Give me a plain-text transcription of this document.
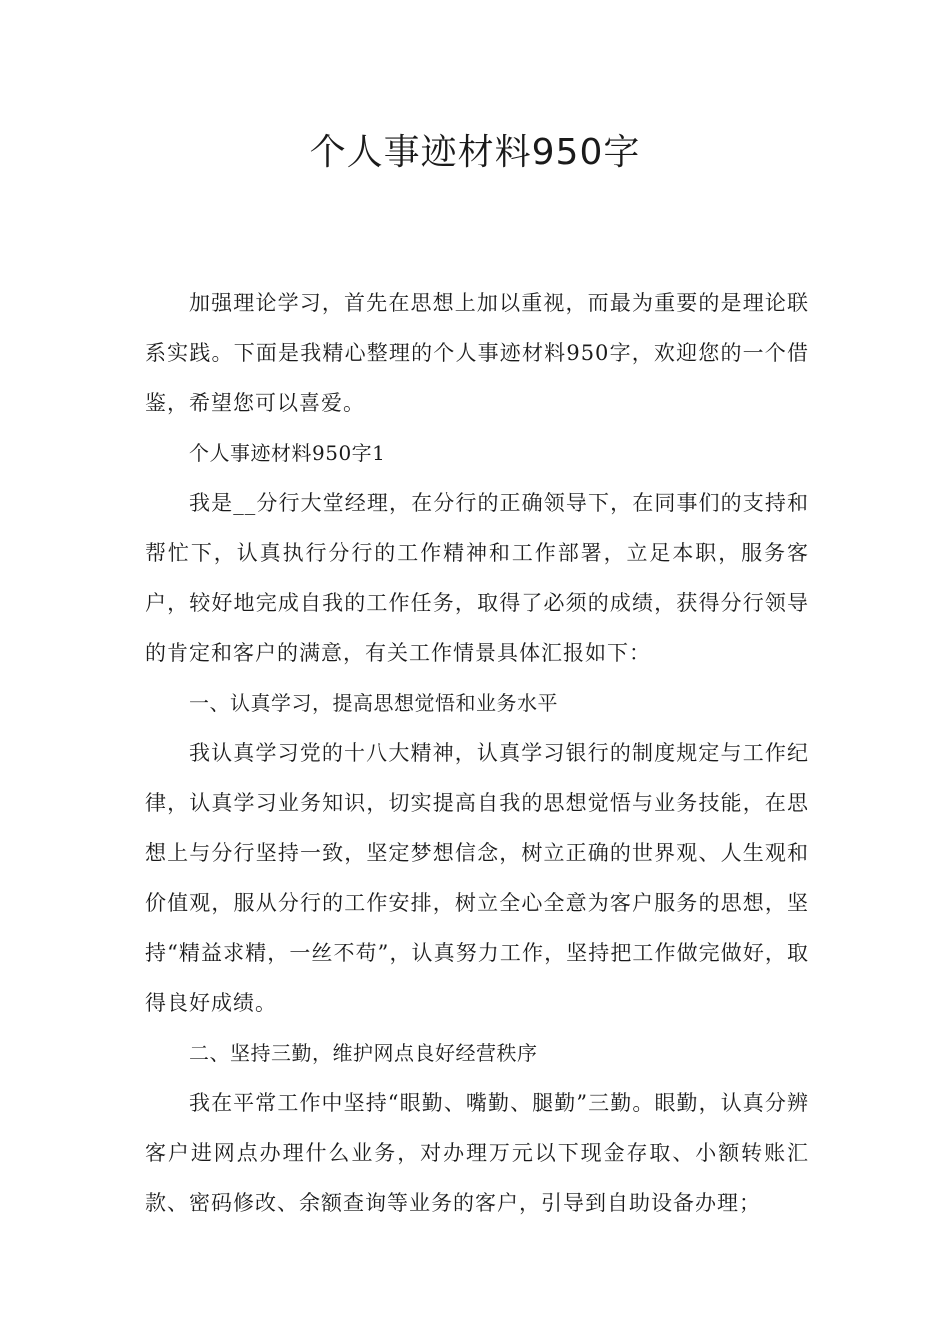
个人事迹材料950字

加强理论学习，首先在思想上加以重视，而最为重要的是理论联系实践。下面是我精心整理的个人事迹材料950字，欢迎您的一个借鉴，希望您可以喜爱。

个人事迹材料950字1

我是__分行大堂经理，在分行的正确领导下，在同事们的支持和帮忙下，认真执行分行的工作精神和工作部署，立足本职，服务客户，较好地完成自我的工作任务，取得了必须的成绩，获得分行领导的肯定和客户的满意，有关工作情景具体汇报如下：

一、认真学习，提高思想觉悟和业务水平

我认真学习党的十八大精神，认真学习银行的制度规定与工作纪律，认真学习业务知识，切实提高自我的思想觉悟与业务技能，在思想上与分行坚持一致，坚定梦想信念，树立正确的世界观、人生观和价值观，服从分行的工作安排，树立全心全意为客户服务的思想，坚持“精益求精，一丝不苟”，认真努力工作，坚持把工作做完做好，取得良好成绩。

二、坚持三勤，维护网点良好经营秩序

我在平常工作中坚持“眼勤、嘴勤、腿勤”三勤。眼勤，认真分辨客户进网点办理什么业务，对办理万元以下现金存取、小额转账汇款、密码修改、余额查询等业务的客户，引导到自助设备办理；
